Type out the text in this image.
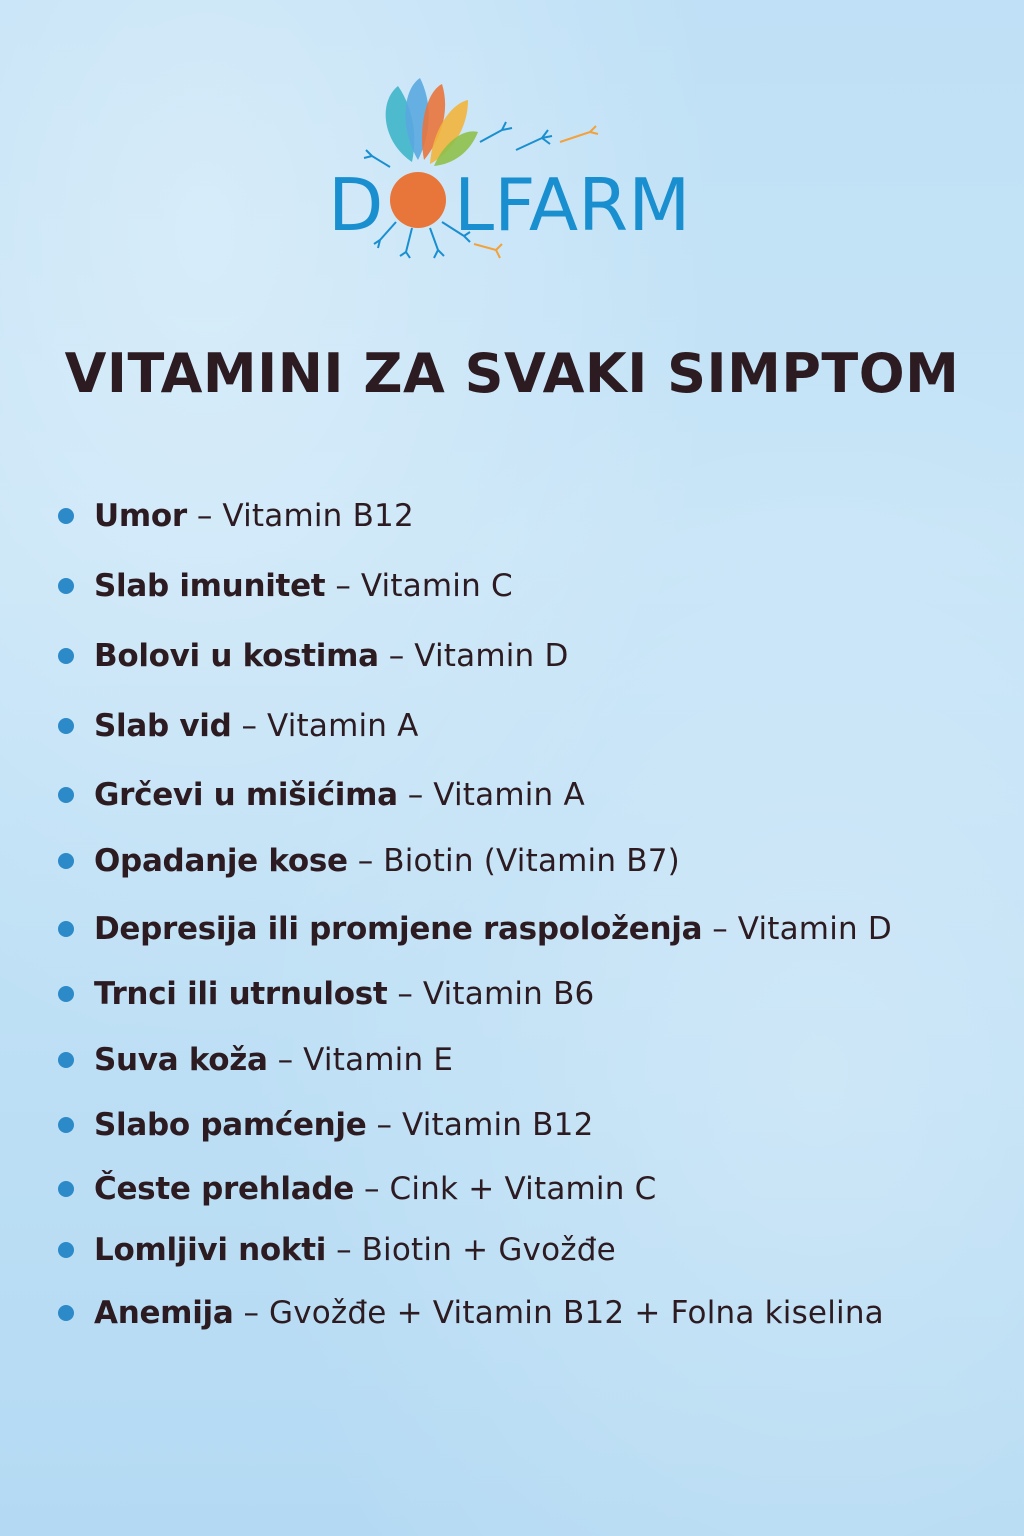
D LFARM
VITAMINI ZA SVAKI SIMPTOM
Umor – Vitamin B12
Slab imunitet – Vitamin C
Bolovi u kostima – Vitamin D
Slab vid – Vitamin A
Grčevi u mišićima – Vitamin A
Opadanje kose – Biotin (Vitamin B7)
Depresija ili promjene raspoloženja – Vitamin D
Trnci ili utrnulost – Vitamin B6
Suva koža – Vitamin E
Slabo pamćenje – Vitamin B12
Česte prehlade – Cink + Vitamin C
Lomljivi nokti – Biotin + Gvožđe
Anemija – Gvožđe + Vitamin B12 + Folna kiselina
